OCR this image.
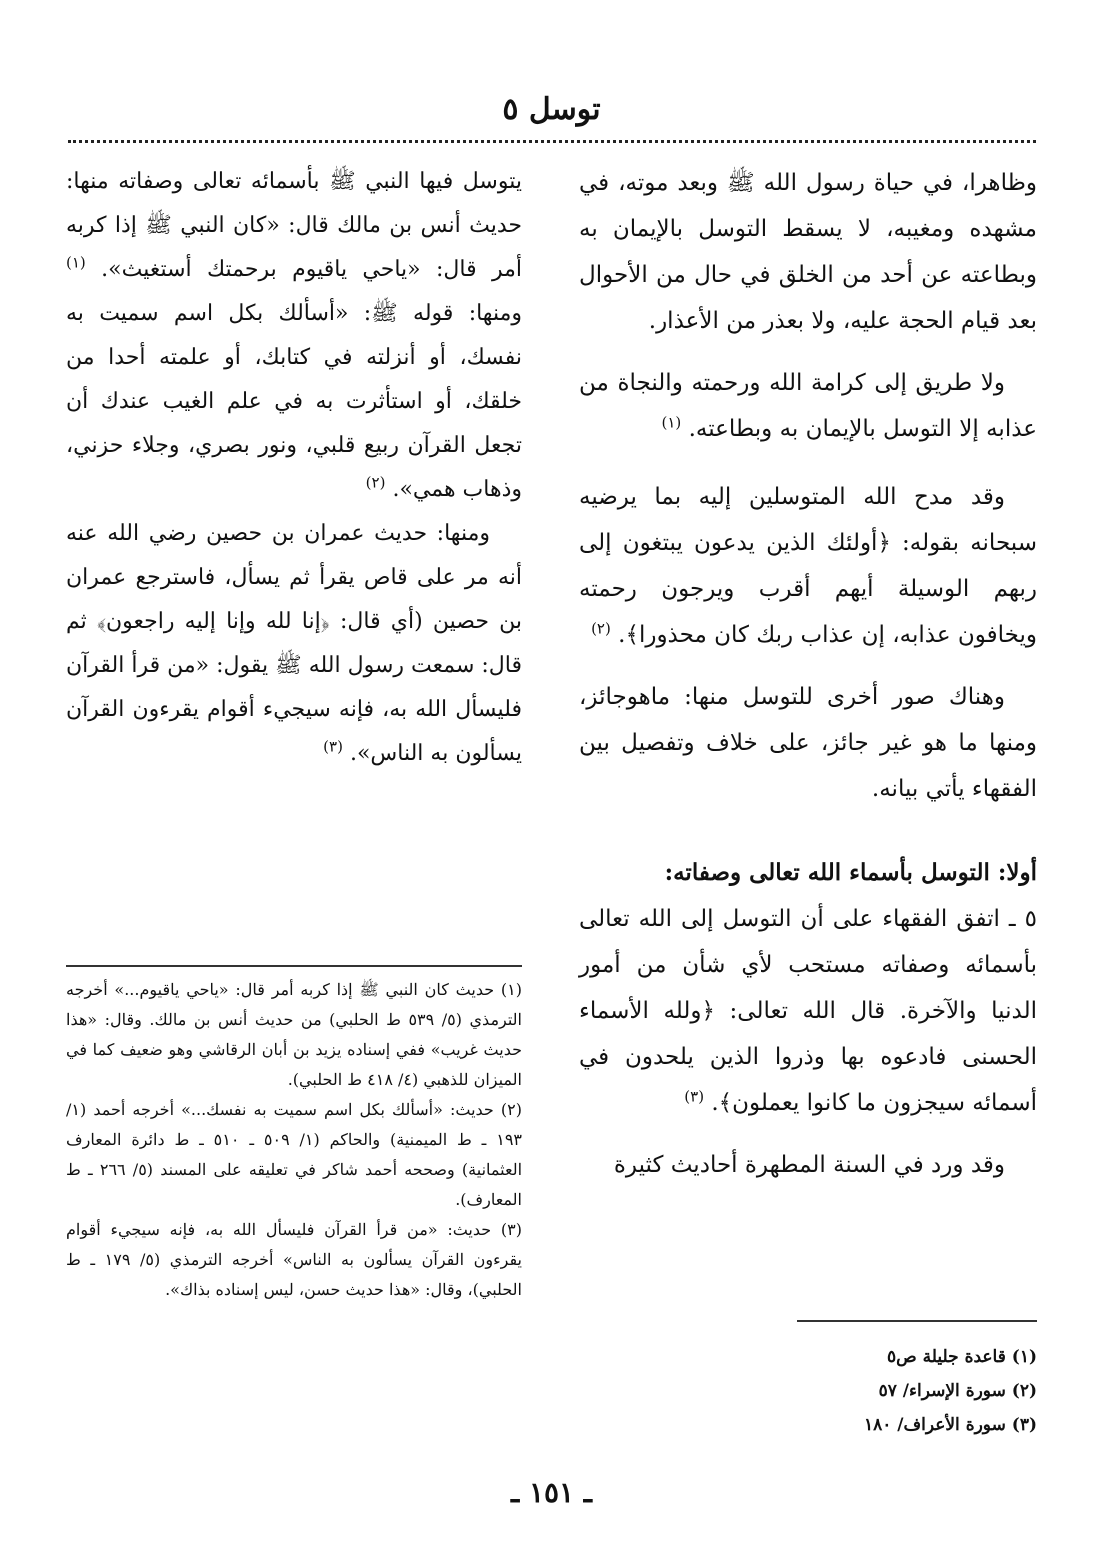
توسل ٥

وظاهرا، في حياة رسول الله ﷺ وبعد موته، في مشهده ومغيبه، لا يسقط التوسل بالإيمان به وبطاعته عن أحد من الخلق في حال من الأحوال بعد قيام الحجة عليه، ولا بعذر من الأعذار.

ولا طريق إلى كرامة الله ورحمته والنجاة من عذابه إلا التوسل بالإيمان به وبطاعته. $^{(١)}$

وقد مدح الله المتوسلين إليه بما يرضيه سبحانه بقوله: ﴿أولئك الذين يدعون يبتغون إلى ربهم الوسيلة أيهم أقرب ويرجون رحمته ويخافون عذابه، إن عذاب ربك كان محذورا﴾. $^{(٢)}$

وهناك صور أخرى للتوسل منها: ماهوجائز، ومنها ما هو غير جائز، على خلاف وتفصيل بين الفقهاء يأتي بيانه.

أولا: التوسل بأسماء الله تعالى وصفاته:

٥ ـ اتفق الفقهاء على أن التوسل إلى الله تعالى بأسمائه وصفاته مستحب لأي شأن من أمور الدنيا والآخرة. قال الله تعالى: ﴿ولله الأسماء الحسنى فادعوه بها وذروا الذين يلحدون في أسمائه سيجزون ما كانوا يعملون﴾. $^{(٣)}$

وقد ورد في السنة المطهرة أحاديث كثيرة

(١) قاعدة جليلة ص٥

(٢) سورة الإسراء/ ٥٧

(٣) سورة الأعراف/ ١٨٠

يتوسل فيها النبي ﷺ بأسمائه تعالى وصفاته منها: حديث أنس بن مالك قال: «كان النبي ﷺ إذا كربه أمر قال: «ياحي ياقيوم برحمتك أستغيث». $^{(١)}$ ومنها: قوله ﷺ: «أسألك بكل اسم سميت به نفسك، أو أنزلته في كتابك، أو علمته أحدا من خلقك، أو استأثرت به في علم الغيب عندك أن تجعل القرآن ربيع قلبي، ونور بصري، وجلاء حزني، وذهاب همي». $^{(٢)}$

ومنها: حديث عمران بن حصين رضي الله عنه أنه مر على قاص يقرأ ثم يسأل، فاسترجع عمران بن حصين (أي قال: ﴿إنا لله وإنا إليه راجعون﴾ ثم قال: سمعت رسول الله ﷺ يقول: «من قرأ القرآن فليسأل الله به، فإنه سيجيء أقوام يقرءون القرآن يسألون به الناس». $^{(٣)}$

(١) حديث كان النبي ﷺ إذا كربه أمر قال: «ياحي ياقيوم...» أخرجه الترمذي (٥/ ٥٣٩ ط الحلبي) من حديث أنس بن مالك. وقال: «هذا حديث غريب» ففي إسناده يزيد بن أبان الرقاشي وهو ضعيف كما في الميزان للذهبي (٤/ ٤١٨ ط الحلبي).

(٢) حديث: «أسألك بكل اسم سميت به نفسك...» أخرجه أحمد (١/ ١٩٣ ـ ط الميمنية) والحاكم (١/ ٥٠٩ ـ ٥١٠ ـ ط دائرة المعارف العثمانية) وصححه أحمد شاكر في تعليقه على المسند (٥/ ٢٦٦ ـ ط المعارف).

(٣) حديث: «من قرأ القرآن فليسأل الله به، فإنه سيجيء أقوام يقرءون القرآن يسألون به الناس» أخرجه الترمذي (٥/ ١٧٩ ـ ط الحلبي)، وقال: «هذا حديث حسن، ليس إسناده بذاك».

ـ ١٥١ ـ
